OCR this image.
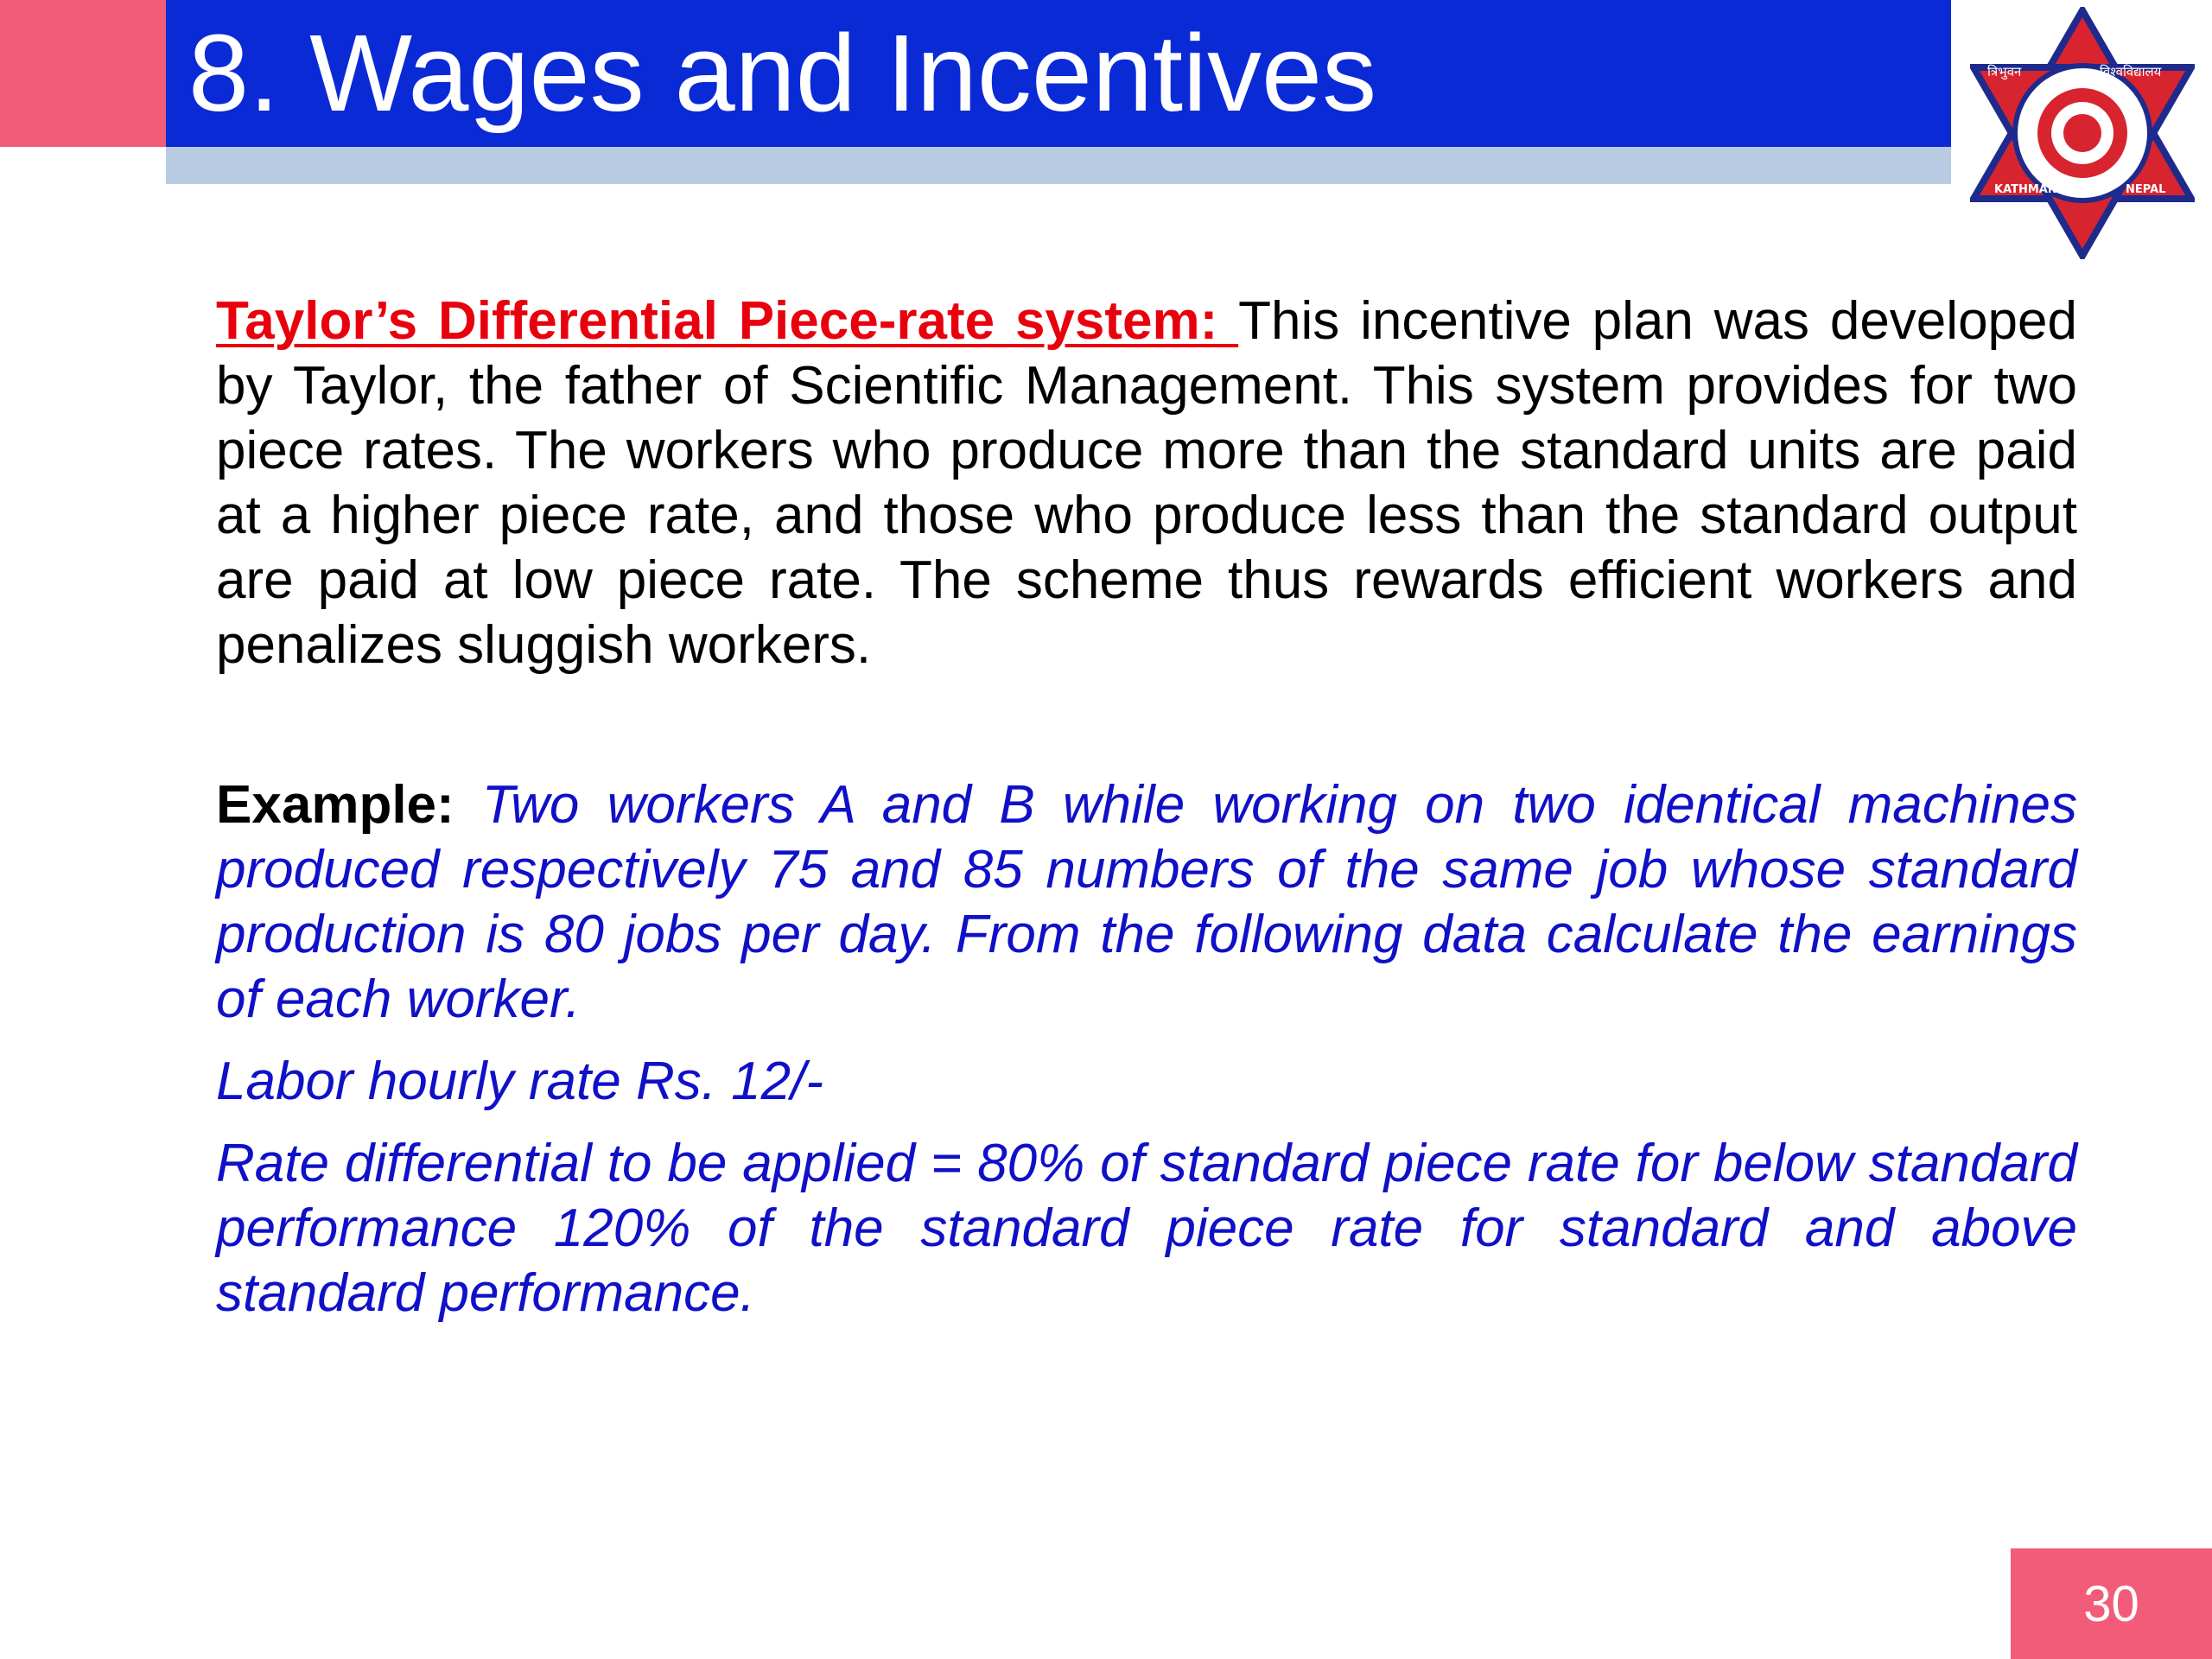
8. Wages and Incentives	त्रिभुवन	विश्वविद्यालय
KATHMANDU	NEPAL

Taylor’s Differential Piece-rate system: This incentive plan was developed by Taylor, the father of Scientific Management. This system provides for two piece rates. The workers who produce more than the standard units are paid at a higher piece rate, and those who produce less than the standard output are paid at low piece rate. The scheme thus rewards efficient workers and penalizes sluggish workers.

Example: Two workers A and B while working on two identical machines produced respectively 75 and 85 numbers of the same job whose standard production is 80 jobs per day. From the following data calculate the earnings of each worker.

Labor hourly rate Rs. 12/-

Rate differential to be applied = 80% of standard piece rate for below standard performance 120% of the standard piece rate for standard and above standard performance.

30
